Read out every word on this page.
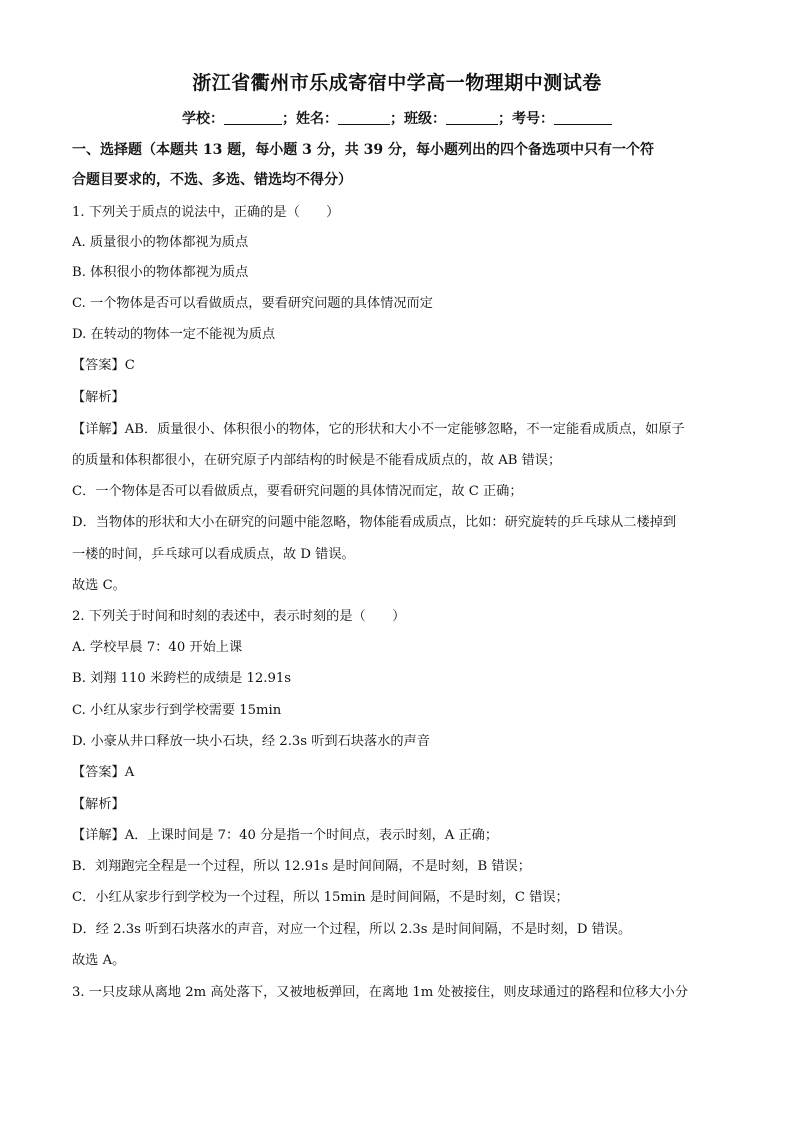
浙江省衢州市乐成寄宿中学高一物理期中测试卷
学校：	；姓名：	；班级：	；考号：
一、选择题（本题共 13 题，每小题 3 分，共 39 分，每小题列出的四个备选项中只有一个符
合题目要求的，不选、多选、错选均不得分）
1. 下列关于质点的说法中，正确的是（　　）
A. 质量很小的物体都视为质点
B. 体积很小的物体都视为质点
C. 一个物体是否可以看做质点，要看研究问题的具体情况而定
D. 在转动的物体一定不能视为质点
【答案】C
【解析】
【详解】AB．质量很小、体积很小的物体，它的形状和大小不一定能够忽略，不一定能看成质点，如原子
的质量和体积都很小，在研究原子内部结构的时候是不能看成质点的，故 AB 错误；
C．一个物体是否可以看做质点，要看研究问题的具体情况而定，故 C 正确；
D．当物体的形状和大小在研究的问题中能忽略，物体能看成质点，比如：研究旋转的乒乓球从二楼掉到
一楼的时间，乒乓球可以看成质点，故 D 错误。
故选 C。
2. 下列关于时间和时刻的表述中，表示时刻的是（　　）
A. 学校早晨 7：40 开始上课
B. 刘翔 110 米跨栏的成绩是 12.91s
C. 小红从家步行到学校需要 15min
D. 小豪从井口释放一块小石块，经 2.3s 听到石块落水的声音
【答案】A
【解析】
【详解】A．上课时间是 7：40 分是指一个时间点，表示时刻，A 正确；
B．刘翔跑完全程是一个过程，所以 12.91s 是时间间隔，不是时刻，B 错误；
C．小红从家步行到学校为一个过程，所以 15min 是时间间隔，不是时刻，C 错误；
D．经 2.3s 听到石块落水的声音，对应一个过程，所以 2.3s 是时间间隔，不是时刻，D 错误。
故选 A。
3. 一只皮球从离地 2m 高处落下，又被地板弹回，在离地 1m 处被接住，则皮球通过的路程和位移大小分
